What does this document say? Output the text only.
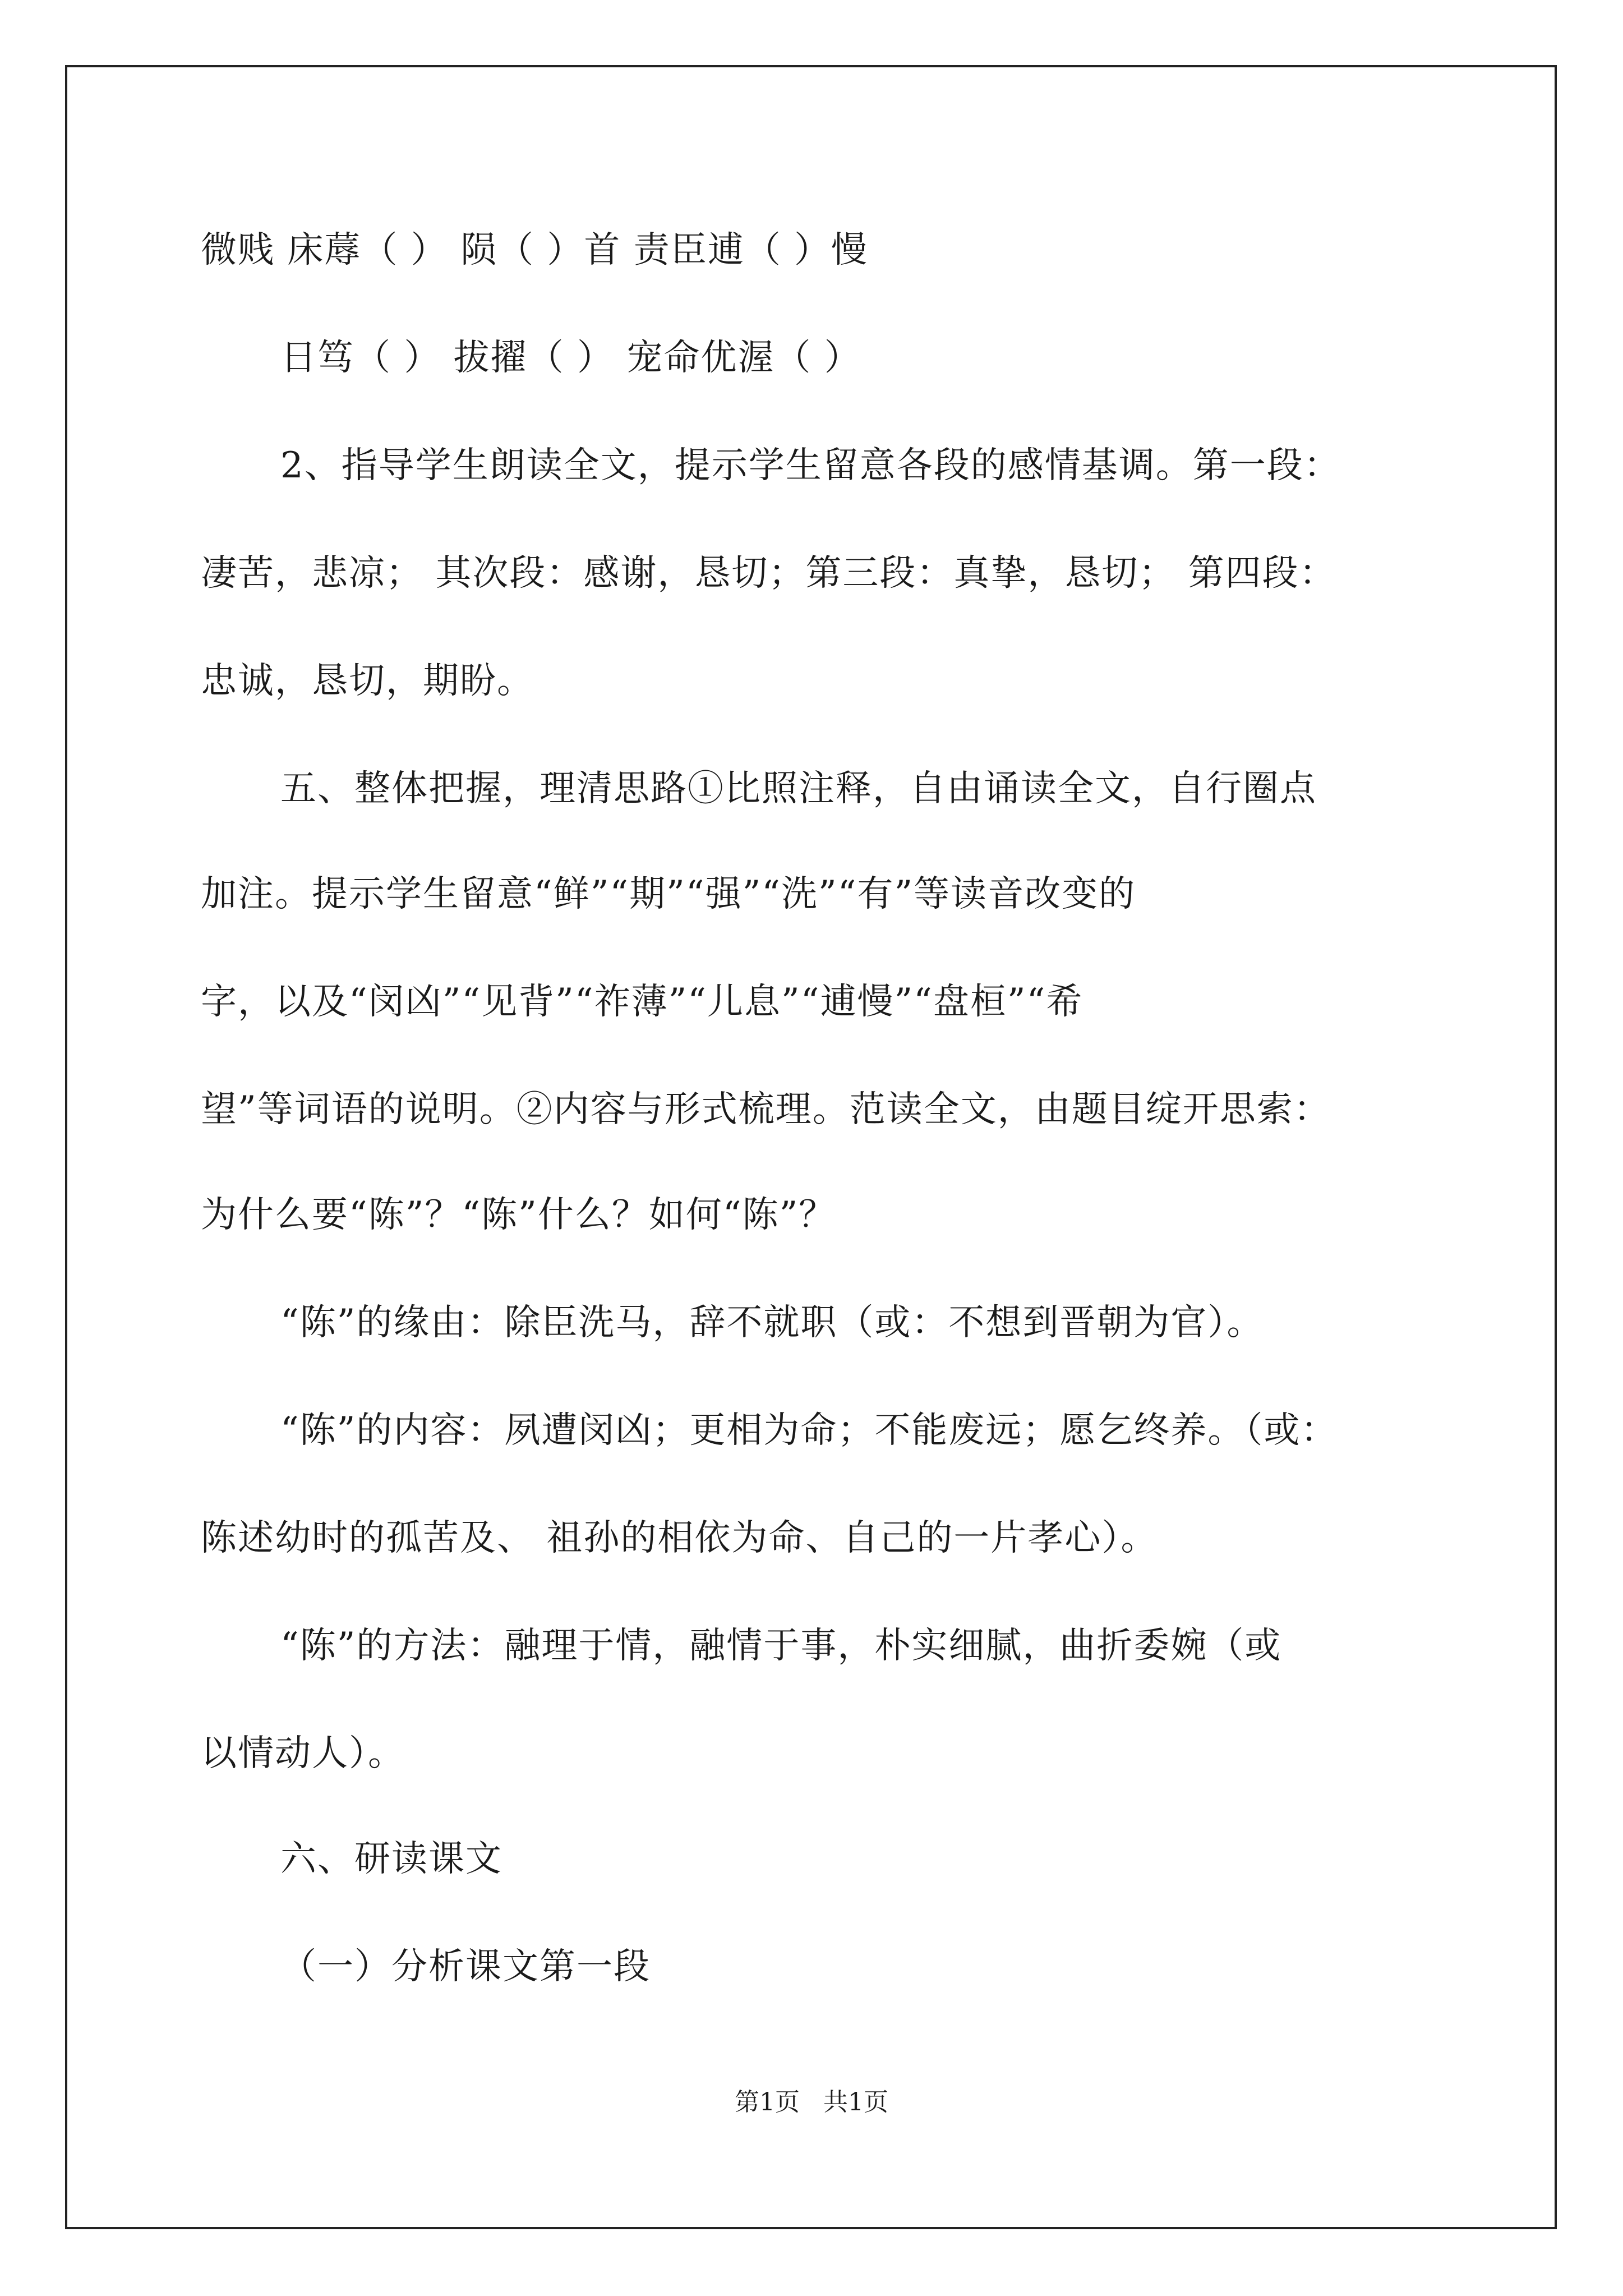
微贱 床蓐（ ） 陨（ ）首 责臣逋（ ）慢
日笃（ ） 拔擢（ ） 宠命优渥（ ）
2、指导学生朗读全文，提示学生留意各段的感情基调。第一段：
凄苦，悲凉； 其次段：感谢，恳切；第三段：真挚，恳切； 第四段：
忠诚，恳切，期盼。
五、整体把握，理清思路①比照注释，自由诵读全文，自行圈点
加注。提示学生留意“鲜”“期”“强”“洗”“有”等读音改变的
字，以及“闵凶”“见背”“祚薄”“儿息”“逋慢”“盘桓”“希
望”等词语的说明。②内容与形式梳理。范读全文，由题目绽开思索：
为什么要“陈”？“陈”什么？如何“陈”？
“陈”的缘由：除臣洗马，辞不就职（或：不想到晋朝为官）。
“陈”的内容：夙遭闵凶；更相为命；不能废远；愿乞终养。（或：
陈述幼时的孤苦及、 祖孙的相依为命、自己的一片孝心）。
“陈”的方法：融理于情，融情于事，朴实细腻，曲折委婉（或
以情动人）。
六、研读课文
（一）分析课文第一段
第1页   共1页
